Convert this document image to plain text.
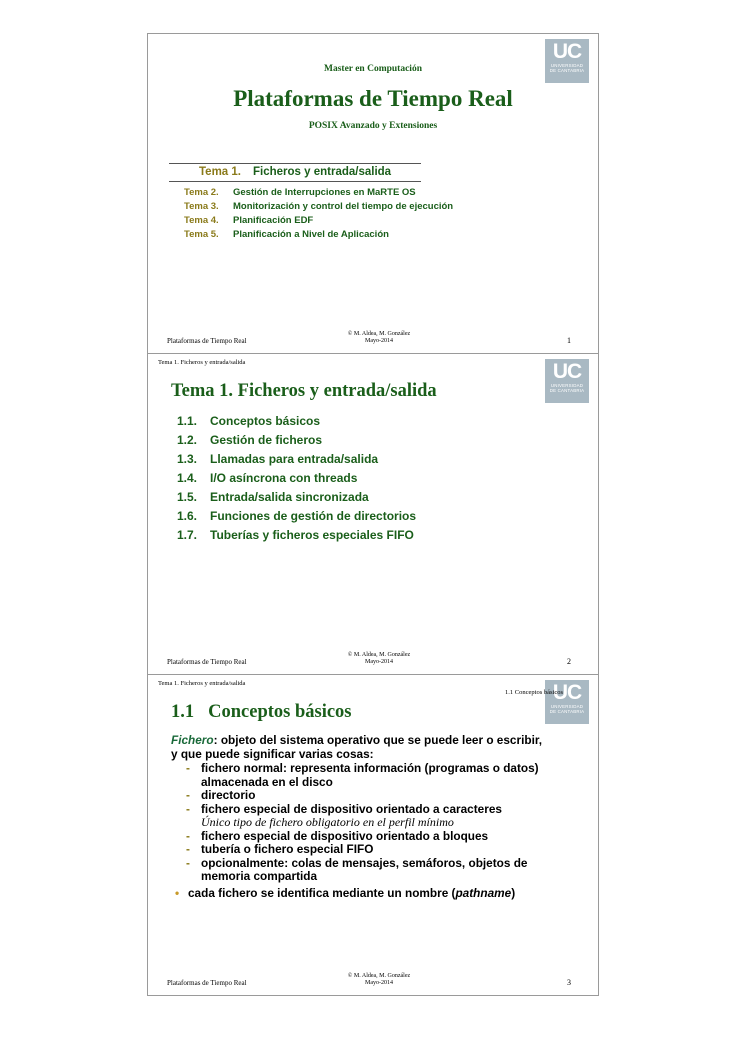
UC
UNIVERSIDAD
DE CANTABRIA
Master en Computación
Plataformas de Tiempo Real
POSIX Avanzado y Extensiones
Tema 1. Ficheros y entrada/salida
Tema 2. Gestión de Interrupciones en MaRTE OS
Tema 3. Monitorización y control del tiempo de ejecución
Tema 4. Planificación EDF
Tema 5. Planificación a Nivel de Aplicación
Plataformas de Tiempo Real
© M. Aldea, M. González
Mayo-2014	1
Tema 1. Ficheros y entrada/salida	UC
UNIVERSIDAD
DE CANTABRIA
Tema 1. Ficheros y entrada/salida
1.1. Conceptos básicos
1.2. Gestión de ficheros
1.3. Llamadas para entrada/salida
1.4. I/O asíncrona con threads
1.5. Entrada/salida sincronizada
1.6. Funciones de gestión de directorios
1.7. Tuberías y ficheros especiales FIFO
Plataformas de Tiempo Real
© M. Aldea, M. González
Mayo-2014	2
Tema 1. Ficheros y entrada/salida	UC
UNIVERSIDAD
DE CANTABRIA
1.1 Conceptos básicos
1.1 Conceptos básicos

Fichero: objeto del sistema operativo que se puede leer o escribir,
y que puede significar varias cosas:

- fichero normal: representa información (programas o datos)
almacenada en el disco
- directorio
- fichero especial de dispositivo orientado a caracteres
Único tipo de fichero obligatorio en el perfil mínimo
- fichero especial de dispositivo orientado a bloques
- tubería o fichero especial FIFO
- opcionalmente: colas de mensajes, semáforos, objetos de
memoria compartida
• cada fichero se identifica mediante un nombre (pathname)
Plataformas de Tiempo Real
© M. Aldea, M. González
Mayo-2014	3
